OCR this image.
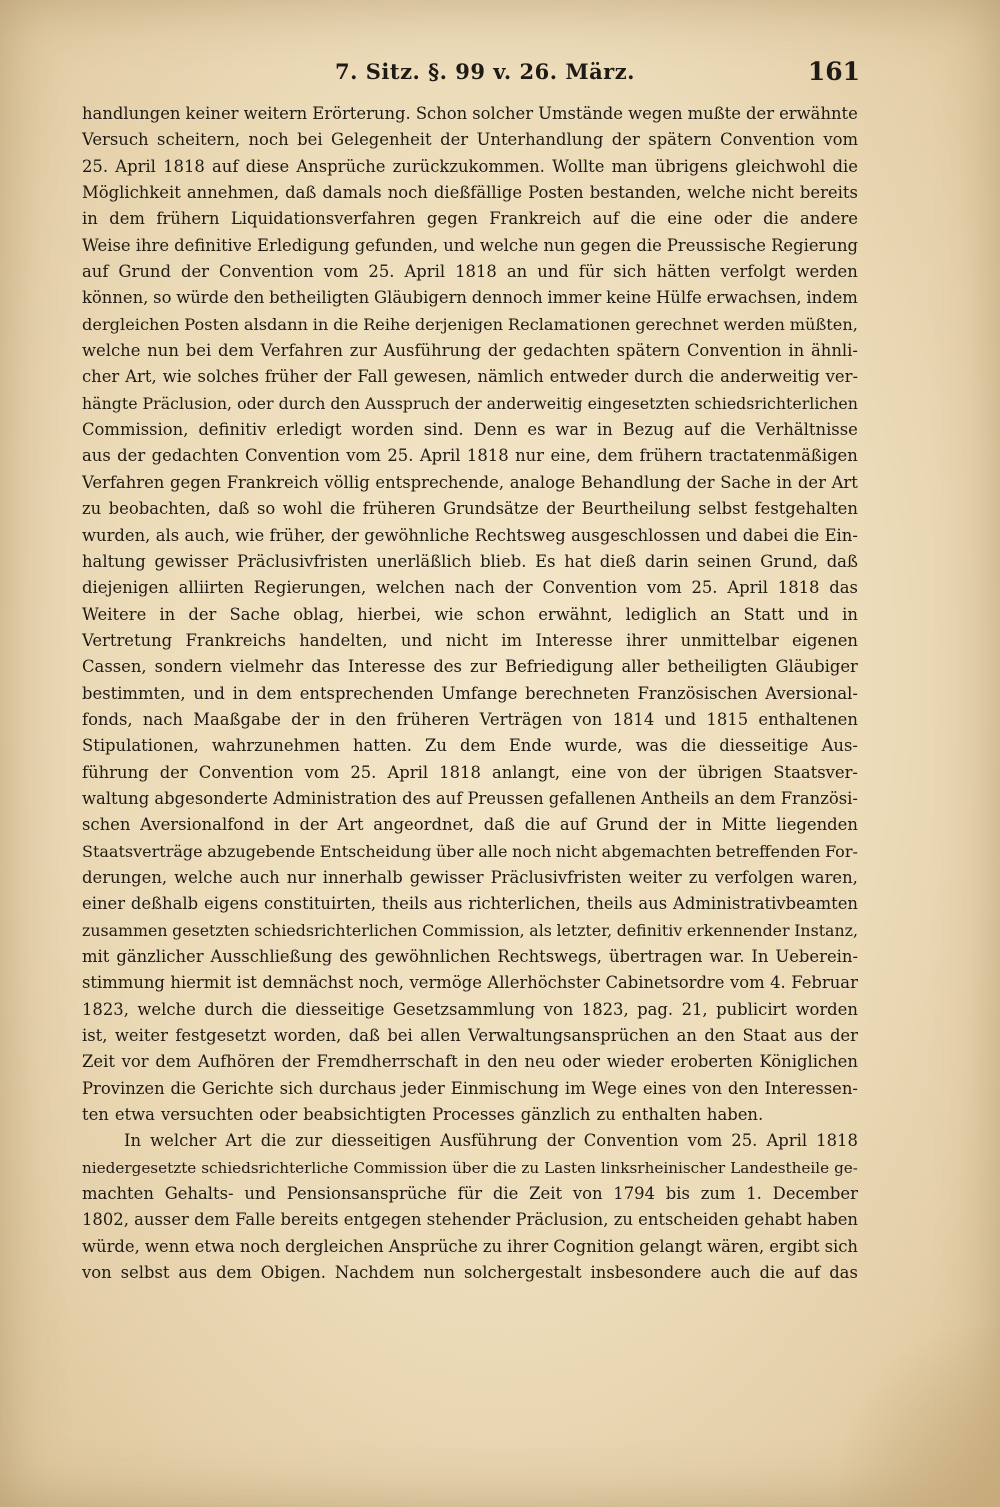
7. Sitz. §. 99 v. 26. März.	161
handlungen keiner weitern Erörterung. Schon solcher Umstände wegen mußte der erwähnte
Versuch scheitern, noch bei Gelegenheit der Unterhandlung der spätern Convention vom
25. April 1818 auf diese Ansprüche zurückzukommen. Wollte man übrigens gleichwohl die
Möglichkeit annehmen, daß damals noch dießfällige Posten bestanden, welche nicht bereits
in dem frühern Liquidationsverfahren gegen Frankreich auf die eine oder die andere
Weise ihre definitive Erledigung gefunden, und welche nun gegen die Preussische Regierung
auf Grund der Convention vom 25. April 1818 an und für sich hätten verfolgt werden
können, so würde den betheiligten Gläubigern dennoch immer keine Hülfe erwachsen, indem
dergleichen Posten alsdann in die Reihe derjenigen Reclamationen gerechnet werden müßten,
welche nun bei dem Verfahren zur Ausführung der gedachten spätern Convention in ähnli-
cher Art, wie solches früher der Fall gewesen, nämlich entweder durch die anderweitig ver-
hängte Präclusion, oder durch den Ausspruch der anderweitig eingesetzten schiedsrichterlichen
Commission, definitiv erledigt worden sind. Denn es war in Bezug auf die Verhältnisse
aus der gedachten Convention vom 25. April 1818 nur eine, dem frühern tractatenmäßigen
Verfahren gegen Frankreich völlig entsprechende, analoge Behandlung der Sache in der Art
zu beobachten, daß so wohl die früheren Grundsätze der Beurtheilung selbst festgehalten
wurden, als auch, wie früher, der gewöhnliche Rechtsweg ausgeschlossen und dabei die Ein-
haltung gewisser Präclusivfristen unerläßlich blieb. Es hat dieß darin seinen Grund, daß
diejenigen alliirten Regierungen, welchen nach der Convention vom 25. April 1818 das
Weitere in der Sache oblag, hierbei, wie schon erwähnt, lediglich an Statt und in
Vertretung Frankreichs handelten, und nicht im Interesse ihrer unmittelbar eigenen
Cassen, sondern vielmehr das Interesse des zur Befriedigung aller betheiligten Gläubiger
bestimmten, und in dem entsprechenden Umfange berechneten Französischen Aversional-
fonds, nach Maaßgabe der in den früheren Verträgen von 1814 und 1815 enthaltenen
Stipulationen, wahrzunehmen hatten. Zu dem Ende wurde, was die diesseitige Aus-
führung der Convention vom 25. April 1818 anlangt, eine von der übrigen Staatsver-
waltung abgesonderte Administration des auf Preussen gefallenen Antheils an dem Französi-
schen Aversionalfond in der Art angeordnet, daß die auf Grund der in Mitte liegenden
Staatsverträge abzugebende Entscheidung über alle noch nicht abgemachten betreffenden For-
derungen, welche auch nur innerhalb gewisser Präclusivfristen weiter zu verfolgen waren,
einer deßhalb eigens constituirten, theils aus richterlichen, theils aus Administrativbeamten
zusammen gesetzten schiedsrichterlichen Commission, als letzter, definitiv erkennender Instanz,
mit gänzlicher Ausschließung des gewöhnlichen Rechtswegs, übertragen war. In Ueberein-
stimmung hiermit ist demnächst noch, vermöge Allerhöchster Cabinetsordre vom 4. Februar
1823, welche durch die diesseitige Gesetzsammlung von 1823, pag. 21, publicirt worden
ist, weiter festgesetzt worden, daß bei allen Verwaltungsansprüchen an den Staat aus der
Zeit vor dem Aufhören der Fremdherrschaft in den neu oder wieder eroberten Königlichen
Provinzen die Gerichte sich durchaus jeder Einmischung im Wege eines von den Interessen-
ten etwa versuchten oder beabsichtigten Processes gänzlich zu enthalten haben.
In welcher Art die zur diesseitigen Ausführung der Convention vom 25. April 1818
niedergesetzte schiedsrichterliche Commission über die zu Lasten linksrheinischer Landestheile ge-
machten Gehalts- und Pensionsansprüche für die Zeit von 1794 bis zum 1. December
1802, ausser dem Falle bereits entgegen stehender Präclusion, zu entscheiden gehabt haben
würde, wenn etwa noch dergleichen Ansprüche zu ihrer Cognition gelangt wären, ergibt sich
von selbst aus dem Obigen. Nachdem nun solchergestalt insbesondere auch die auf das
